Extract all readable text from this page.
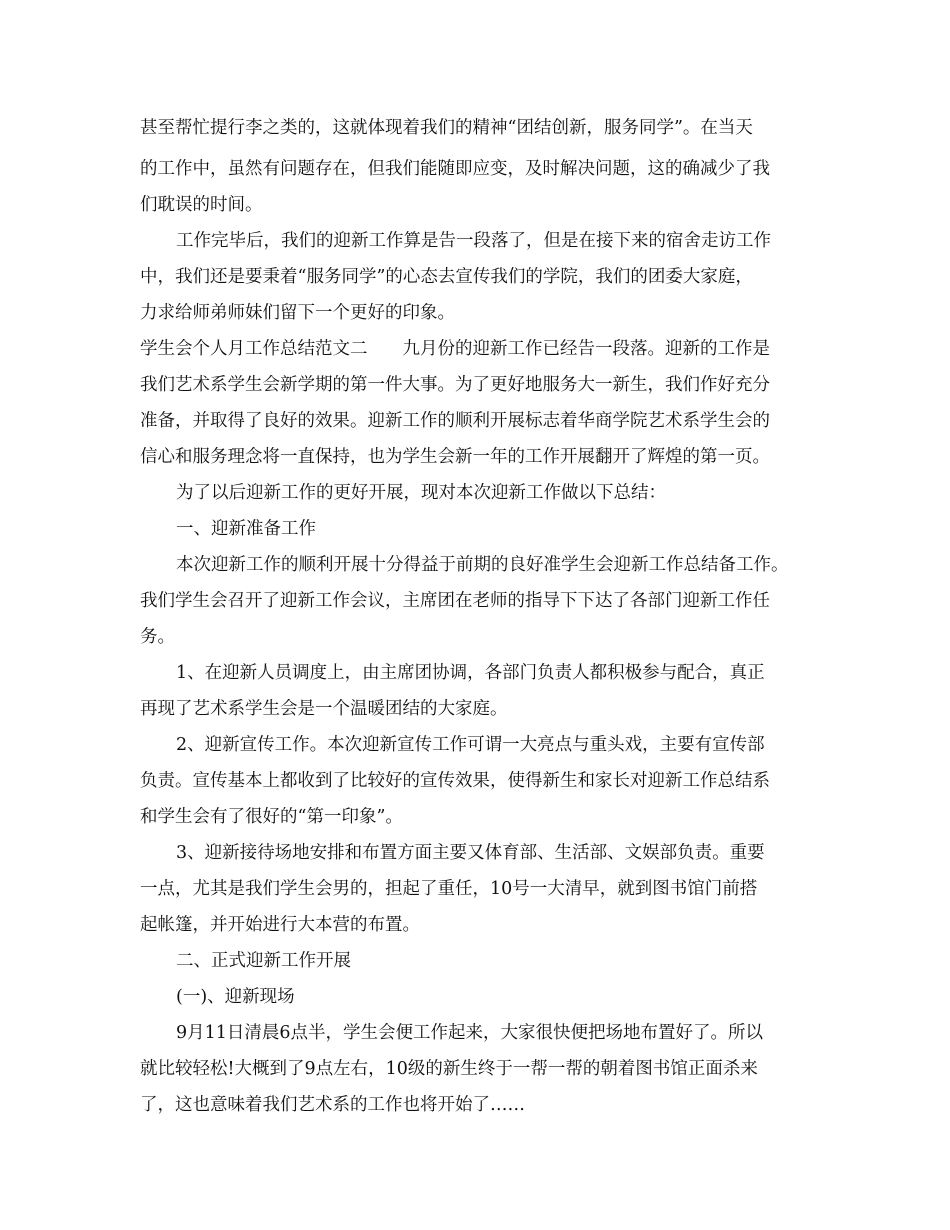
甚至帮忙提行李之类的，这就体现着我们的精神“团结创新，服务同学”。在当天
的工作中，虽然有问题存在，但我们能随即应变，及时解决问题，这的确减少了我
们耽误的时间。
工作完毕后，我们的迎新工作算是告一段落了，但是在接下来的宿舍走访工作
中，我们还是要秉着“服务同学”的心态去宣传我们的学院，我们的团委大家庭，
力求给师弟师妹们留下一个更好的印象。
学生会个人月工作总结范文二　　九月份的迎新工作已经告一段落。迎新的工作是
我们艺术系学生会新学期的第一件大事。为了更好地服务大一新生，我们作好充分
准备，并取得了良好的效果。迎新工作的顺利开展标志着华商学院艺术系学生会的
信心和服务理念将一直保持，也为学生会新一年的工作开展翻开了辉煌的第一页。
为了以后迎新工作的更好开展，现对本次迎新工作做以下总结：
一、迎新准备工作
本次迎新工作的顺利开展十分得益于前期的良好准学生会迎新工作总结备工作。
我们学生会召开了迎新工作会议，主席团在老师的指导下下达了各部门迎新工作任
务。
1、在迎新人员调度上，由主席团协调，各部门负责人都积极参与配合，真正
再现了艺术系学生会是一个温暖团结的大家庭。
2、迎新宣传工作。本次迎新宣传工作可谓一大亮点与重头戏，主要有宣传部
负责。宣传基本上都收到了比较好的宣传效果，使得新生和家长对迎新工作总结系
和学生会有了很好的“第一印象”。
3、迎新接待场地安排和布置方面主要又体育部、生活部、文娱部负责。重要
一点，尤其是我们学生会男的，担起了重任，10号一大清早，就到图书馆门前搭
起帐篷，并开始进行大本营的布置。
二、正式迎新工作开展
(一)、迎新现场
9月11日清晨6点半，学生会便工作起来，大家很快便把场地布置好了。所以
就比较轻松!大概到了9点左右，10级的新生终于一帮一帮的朝着图书馆正面杀来
了，这也意味着我们艺术系的工作也将开始了……
